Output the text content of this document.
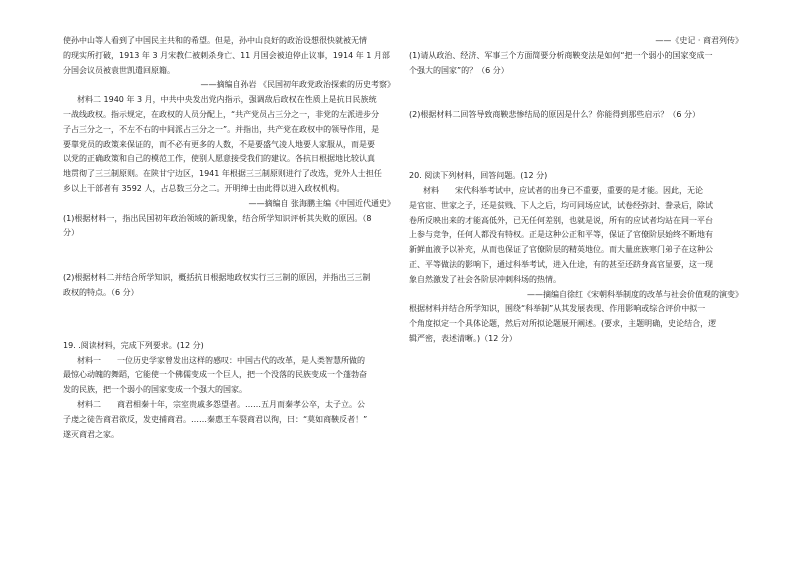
使孙中山等人看到了中国民主共和的希望。但是，孙中山良好的政治设想很快就被无情
的现实所打破，1913 年 3 月宋教仁被刺杀身亡、11 月国会被迫停止议事，1914 年 1 月部
分国会议员被袁世凯遣回原籍。
——摘编自孙岩 《民国初年政党政治探索的历史考察》
材料二 1940 年 3 月，中共中央发出党内指示，强调敌后政权在性质上是抗日民族统
一战线政权。指示规定，在政权的人员分配上，“共产党员占三分之一，非党的左派进步分
子占三分之一，不左不右的中间派占三分之一”。并指出，共产党在政权中的领导作用，是
要靠党员的政策来保证的，而不必有更多的人数，不是要盛气凌人地要人家服从，而是要
以党的正确政策和自己的模范工作，使别人愿意接受我们的建议。各抗日根据地比较认真
地贯彻了三三制原则。在陕甘宁边区，1941 年根据三三制原则进行了改选，党外人士担任
乡以上干部者有 3592 人，占总数三分之二。开明绅士由此得以进入政权机构。
——摘编自 张海鹏主编《中国近代通史》
(1)根据材料一，指出民国初年政治领域的新现象，结合所学知识评析其失败的原因。（8
分）
(2)根据材料二并结合所学知识，概括抗日根据地政权实行三三制的原因，并指出三三制
政权的特点。（6 分）
19. .阅读材料，完成下列要求。(12 分)
材料一　　一位历史学家曾发出这样的感叹：中国古代的改革，是人类智慧所做的
最惊心动魄的舞蹈，它能使一个佛儒变成一个巨人，把一个没落的民族变成一个蓬勃奋
发的民族，把一个弱小的国家变成一个强大的国家。
材料二　　商君相秦十年，宗室贵戚多怨望者。……五月而秦孝公卒，太子立。公
子虔之徒告商君欲反，发吏捕商君。……秦惠王车裂商君以徇，曰：“莫如商鞅反者！”
遂灭商君之家。
——《史记 · 商君列传》
(1)请从政治、经济、军事三个方面简要分析商鞅变法是如何“把一个弱小的国家变成一
个强大的国家”的？（6 分）
(2)根据材料二回答导致商鞅悲惨结局的原因是什么？你能得到那些启示？（6 分）
20. 阅读下列材料，回答问题。(12 分)
材料　　宋代科举考试中，应试者的出身已不重要，重要的是才能。因此，无论
是官宦、世家之子，还是贫贱、下人之后，均可同场应试，试卷经弥封、誊录后，除试
卷所反映出来的才能高低外，已无任何差别，也就是说，所有的应试者均站在同一平台
上参与竞争，任何人都没有特权。正是这种公正和平等，保证了官僚阶层始终不断地有
新鲜血液予以补充，从而也保证了官僚阶层的精英地位。而大量庶族寒门弟子在这种公
正、平等做法的影响下，通过科举考试，进入仕途，有的甚至还跻身高官显要，这一现
象自然激发了社会各阶层冲刺科场的热情。
——摘编自徐红《宋朝科举制度的改革与社会价值观的演变》
根据材料并结合所学知识，围绕“科举制”从其发展表现、作用影响或综合评价中拟一
个角度拟定一个具体论题，然后对所拟论题展开阐述。(要求，主题明确，史论结合，逻
辑严密，表述清晰。)（12 分）
